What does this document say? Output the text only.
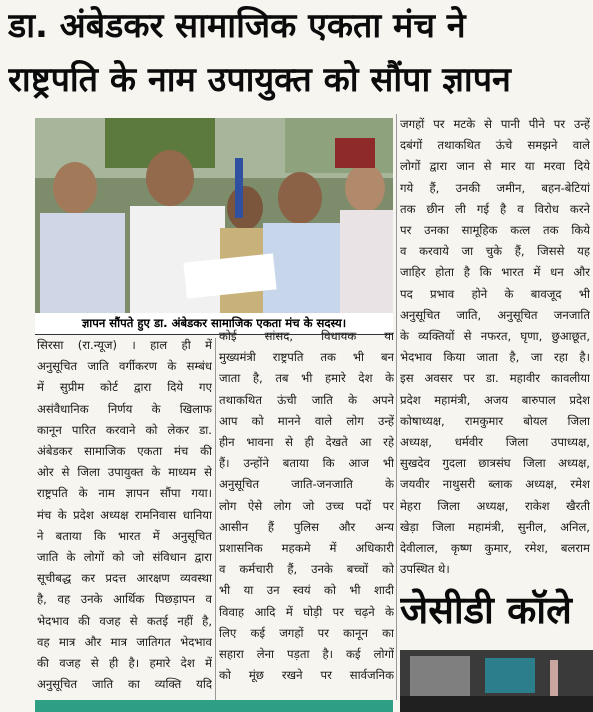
डा. अंबेडकर सामाजिक एकता मंच ने
राष्ट्रपति के नाम उपायुक्त को सौंपा ज्ञापन
ज्ञापन सौंपते हुए डा. अंबेडकर सामाजिक एकता मंच के सदस्य।
सिरसा (रा.न्यूज) । हाल ही में
अनुसूचित जाति वर्गीकरण के सम्बंध
में सुप्रीम कोर्ट द्वारा दिये गए
असंवैधानिक निर्णय के खिलाफ
कानून पारित करवाने को लेकर डा.
अंबेडकर सामाजिक एकता मंच की
ओर से जिला उपायुक्त के माध्यम से
राष्ट्रपति के नाम ज्ञापन सौंपा गया।
मंच के प्रदेश अध्यक्ष रामनिवास धानिया
ने बताया कि भारत में अनुसूचित
जाति के लोगों को जो संविधान द्वारा
सूचीबद्ध कर प्रदत्त आरक्षण व्यवस्था
है, वह उनके आर्थिक पिछड़ापन व
भेदभाव की वजह से कतई नहीं है,
वह मात्र और मात्र जातिगत भेदभाव
की वजह से ही है। हमारे देश में
अनुसूचित जाति का व्यक्ति यदि
कोई सांसद, विधायक या
मुख्यमंत्री राष्ट्रपति तक भी बन
जाता है, तब भी हमारे देश के
तथाकथित ऊंची जाति के अपने
आप को मानने वाले लोग उन्हें
हीन भावना से ही देखते आ रहे
हैं। उन्होंने बताया कि आज भी
अनुसूचित जाति-जनजाति के
लोग ऐसे लोग जो उच्च पदों पर
आसीन हैं पुलिस और अन्य
प्रशासनिक महकमे में अधिकारी
व कर्मचारी हैं, उनके बच्चों को
भी या उन स्वयं को भी शादी
विवाह आदि में घोड़ी पर चढ़ने के
लिए कई जगहों पर कानून का
सहारा लेना पड़ता है। कई लोगों
को मूंछ रखने पर सार्वजनिक
जगहों पर मटके से पानी पीने पर उन्हें
दबंगों तथाकथित ऊंचे समझने वाले
लोगों द्वारा जान से मार या मरवा दिये
गये हैं, उनकी जमीन, बहन-बेटियां
तक छीन ली गई है व विरोध करने
पर उनका सामूहिक कत्ल तक किये
व करवाये जा चुके हैं, जिससे यह
जाहिर होता है कि भारत में धन और
पद प्रभाव होने के बावजूद भी
अनुसूचित जाति, अनुसूचित जनजाति
के व्यक्तियों से नफरत, घृणा, छुआछूत,
भेदभाव किया जाता है, जा रहा है।
इस अवसर पर डा. महावीर कावलीया
प्रदेश महामंत्री, अजय बारुपाल प्रदेश
कोषाध्यक्ष, रामकुमार बोयल जिला
अध्यक्ष, धर्मवीर जिला उपाध्यक्ष,
सुखदेव गुदला छात्रसंघ जिला अध्यक्ष,
जयवीर नाथुसरी ब्लाक अध्यक्ष, रमेश
मेहरा जिला अध्यक्ष, राकेश खैरती
खेड़ा जिला महामंत्री, सुनील, अनिल,
देवीलाल, कृष्ण कुमार, रमेश, बलराम
उपस्थित थे।
जेसीडी कॉले
